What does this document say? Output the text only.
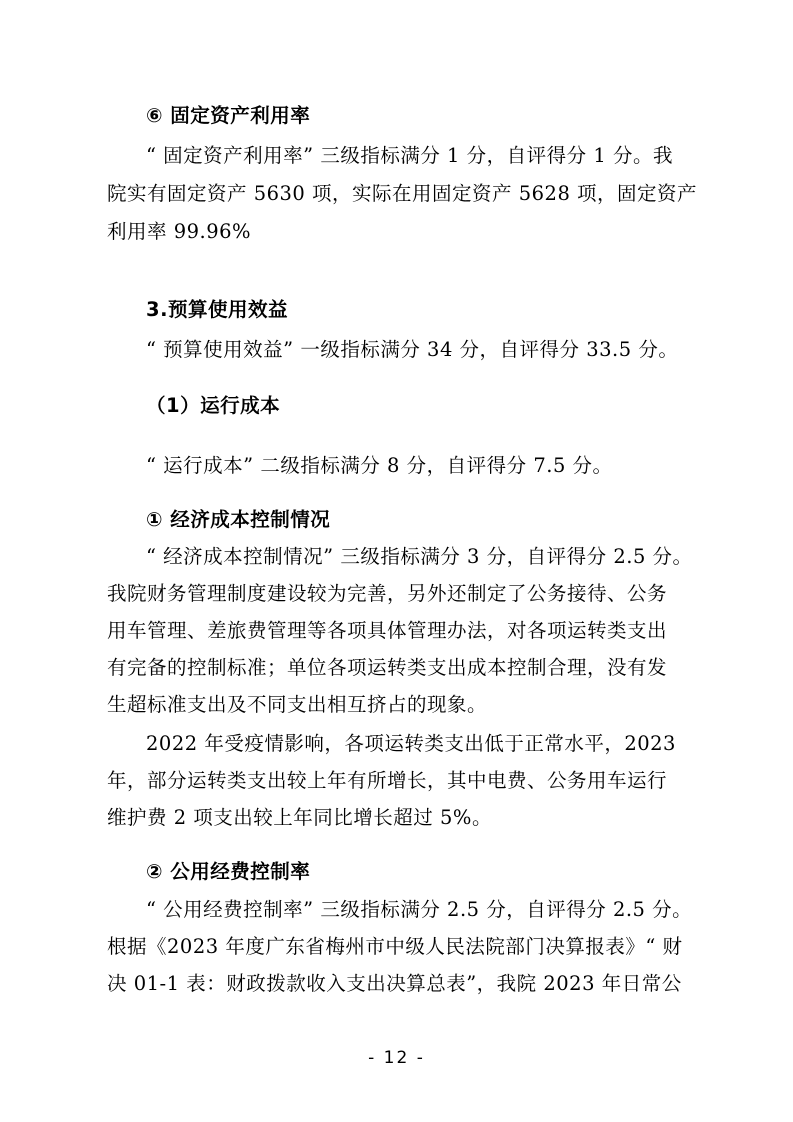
⑥ 固定资产利用率
“ 固定资产利用率” 三级指标满分 1 分，自评得分 1 分。我
院实有固定资产 5630 项，实际在用固定资产 5628 项，固定资产
利用率 99.96%
3.预算使用效益
“ 预算使用效益” 一级指标满分 34 分，自评得分 33.5 分。
（1）运行成本
“ 运行成本” 二级指标满分 8 分，自评得分 7.5 分。
① 经济成本控制情况
“ 经济成本控制情况” 三级指标满分 3 分，自评得分 2.5 分。
我院财务管理制度建设较为完善，另外还制定了公务接待、公务
用车管理、差旅费管理等各项具体管理办法，对各项运转类支出
有完备的控制标准；单位各项运转类支出成本控制合理，没有发
生超标准支出及不同支出相互挤占的现象。
2022 年受疫情影响，各项运转类支出低于正常水平，2023
年，部分运转类支出较上年有所增长，其中电费、公务用车运行
维护费 2 项支出较上年同比增长超过 5%。
② 公用经费控制率
“ 公用经费控制率” 三级指标满分 2.5 分，自评得分 2.5 分。
根据《2023 年度广东省梅州市中级人民法院部门决算报表》“ 财
决 01-1 表：财政拨款收入支出决算总表”，我院 2023 年日常公
- 12 -
